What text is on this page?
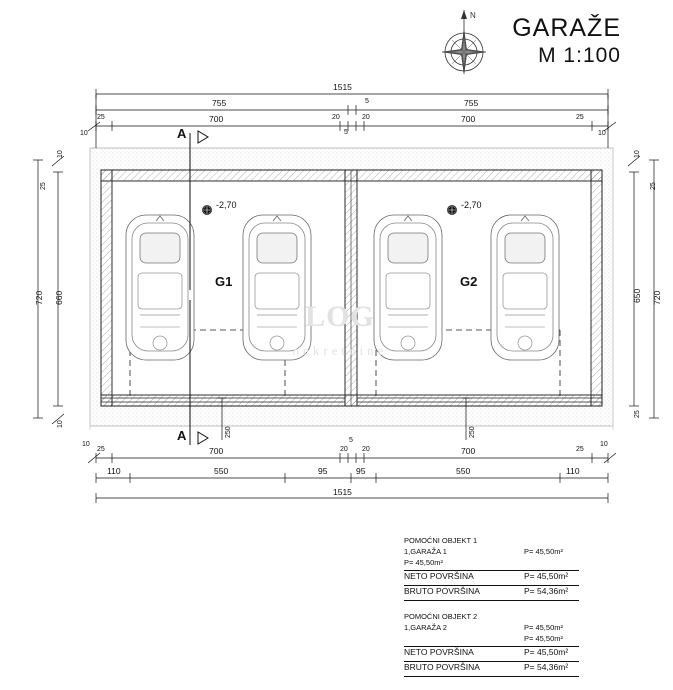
GARAŽE
M 1:100
N
LOG
nekretnine
1515
755	5	755
25	700	20	20	700	25
10	5	10
720 660
10
25
10
720
650
10
25
25
250	250
10	10
25	20
5
25
700	20	700
110	550	95	95	550	110
1515
A
A
G1	G2
-2,70	-2,70
POMOĆNI OBJEKT 1
1,GARAŽA 1	P= 45,50m²
P= 45,50m²
NETO POVRŠINA	P= 45,50m²
BRUTO POVRŠINA	P= 54,36m²
POMOĆNI OBJEKT 2
1,GARAŽA 2	P= 45,50m²
P= 45,50m²
NETO POVRŠINA	P= 45,50m²
BRUTO POVRŠINA	P= 54,36m²
